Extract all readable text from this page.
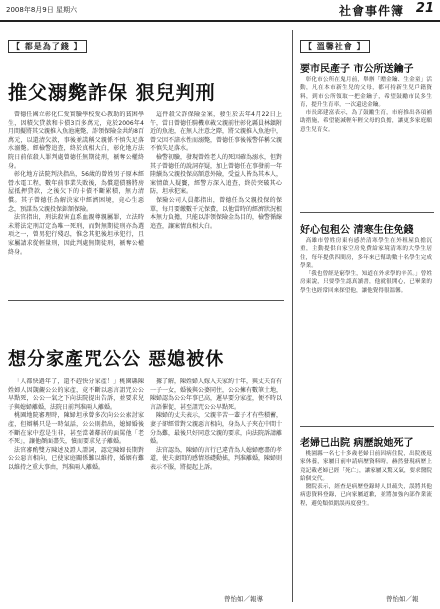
2008年8月9日 星期六	社會事件簿 21
【 都是為了錢 】
推父溺斃詐保 狠兒判刑

曾德任國立彰化仁愛實驗學校愛心教助的貧困學生，因積欠貸款和卡債3百多萬元，竟於2006年4月間擬將其父親推入魚池淹斃，詐領保險金共約8百萬元，以還清欠款，事後並謊稱父親係不慎失足落水溺斃。經檢警追查，終於真相大白，彰化地方法院日前依殺人罪判處曾德任無期徒刑，褫奪公權終身。

彰化地方法院判決指出，56歲的曾姓男子原本經營水電工程，數年前事業失敗後，為償還債務將房屋抵押貸款，之後欠下的卡債不斷累積，無力清償。其子曾德任為解決家中經濟困境，竟心生惡念，預謀為父親投保鉅額保險。

法官指出，刑法殺害直系血親尊親屬罪，立法時未將法定刑訂定為唯一死刑，而對無期徒刑亦為選項之一，曾男犯行殘忍，惟念其犯後坦承犯行，且家屬請求從輕量刑，因此判處無期徒刑，褫奪公權終身。

這件殺父詐保險金案，發生於去年4月22日上午，當日曾德任騎機車載父親前往彰化縣員林鎮附近的魚池，在無人注意之際，將父親推入魚池中，曾父因不諳水性而溺斃，曾德任事後報警佯稱父親不慎失足落水。

檢警初驗，發現曾姓老人的死因確為溺水，但對其子曾德任的說詞存疑，加上曾德任在事發前一年陸續為父親投保高額意外險，受益人皆為其本人，案情啟人疑竇，經警方深入追查，終於突破其心防，坦承犯案。

保險公司人員都指出，曾德任為父親投保的保單，每月要繳數千元保費，以他當時的經濟狀況根本無力負擔，只能以詐領保險金為目的，檢警循線追查，讓案情真相大白。

想分家產咒公公 惡媳被休

「人都快過年了，還不趕快分家產！」桃園縣陳姓婦人因覬覦公公的家產，竟不斷以惡言詛咒公公早點死，公公一氣之下向法院提出告訴，並要求兒子與媳婦離婚，法院日前判准兩人離婚。

桃園地院審理時，陳婦坦承曾多次向公公索討家產，但辯稱只是一時氣話，公公則指出，媳婦婚後不斷在家中惹是生非，甚至當著鄰居的面罵他「老不死」，讓他顏面盡失，憤而要求兒子離婚。

法官審酌雙方陳述及證人證詞，認定陳婦長期對公公惡言相向，已使家庭關係難以維持，婚姻有難以維持之重大事由，判准兩人離婚。

據了解，陳姓婦人嫁入夫家約十年，與丈夫育有一子一女，婚後與公婆同住，公公擁有數筆土地，陳婦認為公公年事已高，遲早要分家產，便不時以言語催促，甚至詛咒公公早點死。

陳婦的丈夫表示，父親辛苦一輩子才有些積蓄，妻子卻經常對父親惡言相向，身為人子夾在中間十分為難，最後只好同意父親的要求，向法院訴請離婚。

法官認為，陳婦的言行已違背為人媳婦應盡的孝道，使夫妻間的感情基礎動搖，判准離婚，陳婦則表示不服，將提起上訴。

曾怡如／報導
【 溫馨社會 】
要市民產子 市公所送鑰子

彰化市公所在鬼月前，舉辦「贈金鑰、生金童」活動，凡在本市新生兒的父母，都可持新生兒戶籍資料，到市公所領取一把金鑰子，希望鼓勵市民多生育，提升生育率，一次還送金鑰。

市長邱建富表示，為了鼓勵生育，市府推出各項補助措施，希望能減輕年輕父母的負擔，讓更多家庭願意生兒育女。

好心包租公 清寒生住免錢

高雄市曾姓房東有感於清寒學生在外租屋負擔沉重，主動提供自家空房免費給家境清寒的大學生居住，每年提供四間房，多年來已幫助數十名學生完成學業。

「我也曾經是窮學生，知道在外求學的辛苦。」曾姓房東說，只要學生認真讀書，他就很開心，已畢業的學生也經常回來探望他，讓他覺得很溫馨。

老婦已出院 病歷說她死了

桃園縣一名七十多歲老婦日前因病住院，出院後返家休養，家屬日前申請病歷資料時，赫然發現病歷上竟記載老婦已經「死亡」，讓家屬又驚又氣，要求醫院給個交代。

醫院表示，經查是病歷登錄時人員疏失，誤將其他病患資料登錄，已向家屬道歉，並將加強內部作業流程，避免類似錯誤再度發生。

曾怡如／報
